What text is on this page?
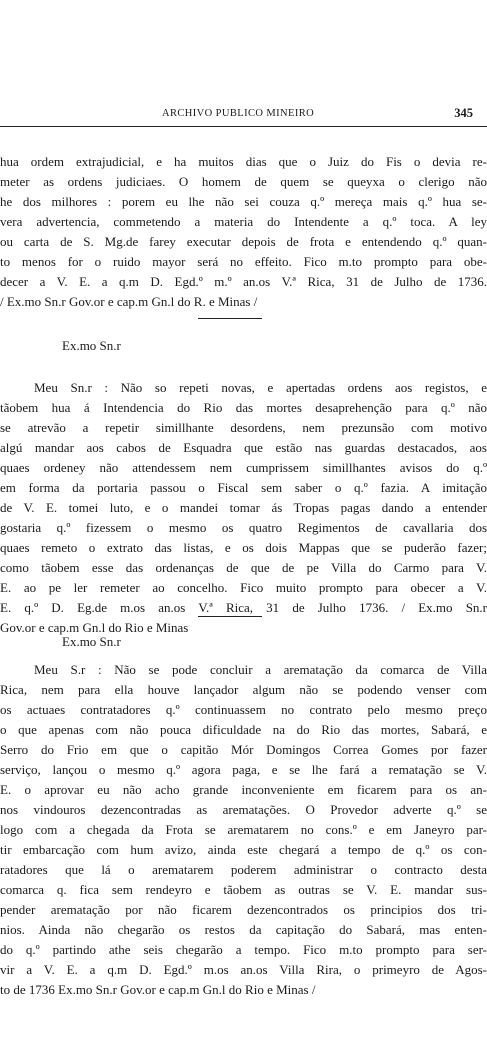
ARCHIVO PUBLICO MINEIRO	345
hua ordem extrajudicial, e ha muitos dias que o Juiz do Fis o devia re-
meter as ordens judiciaes. O homem de quem se queyxa o clerigo não
he dos milhores : porem eu lhe não sei couza q.º mereça mais q.º hua se-
vera advertencia, commetendo a materia do Intendente a q.º toca. A ley
ou carta de S. Mg.de farey executar depois de frota e entendendo q.º quan-
to menos for o ruido mayor será no effeito. Fico m.to prompto para obe-
decer a V. E. a q.m D. Egd.º m.º an.os V.ª Rica, 31 de Julho de 1736.
/ Ex.mo Sn.r Gov.or e cap.m Gn.l do R. e Minas /
Ex.mo Sn.r
Meu Sn.r : Não so repeti novas, e apertadas ordens aos registos, e
tãobem hua á Intendencia do Rio das mortes desaprehenção para q.º não
se atrevão a repetir simillhante desordens, nem prezunsão com motivo
algú mandar aos cabos de Esquadra que estão nas guardas destacados, aos
quaes ordeney não attendessem nem cumprissem simillhantes avisos do q.º
em forma da portaria passou o Fiscal sem saber o q.º fazia. A imitação
de V. E. tomei luto, e o mandei tomar ás Tropas pagas dando a entender
gostaria q.º fizessem o mesmo os quatro Regimentos de cavallaria dos
quaes remeto o extrato das listas, e os dois Mappas que se puderão fazer;
como tãobem esse das ordenanças de que de pe Villa do Carmo para V.
E. ao pe ler remeter ao concelho. Fico muito prompto para obecer a V.
E. q.º D. Eg.de m.os an.os V.ª Rica, 31 de Julho 1736. / Ex.mo Sn.r
Gov.or e cap.m Gn.l do Rio e Minas
Ex.mo Sn.r
Meu S.r : Não se pode concluir a arematação da comarca de Villa
Rica, nem para ella houve lançador algum não se podendo venser com
os actuaes contratadores q.º continuassem no contrato pelo mesmo preço
o que apenas com não pouca dificuldade na do Rio das mortes, Sabará, e
Serro do Frio em que o capitão Mór Domingos Correa Gomes por fazer
serviço, lançou o mesmo q.º agora paga, e se lhe fará a rematação se V.
E. o aprovar eu não acho grande inconveniente em ficarem para os an-
nos vindouros dezencontradas as arematações. O Provedor adverte q.º se
logo com a chegada da Frota se arematarem no cons.º e em Janeyro par-
tir embarcação com hum avizo, ainda este chegará a tempo de q.º os con-
ratadores que lá o arematarem poderem administrar o contracto desta
comarca q. fica sem rendeyro e tãobem as outras se V. E. mandar sus-
pender arematação por não ficarem dezencontrados os principios dos tri-
nios. Ainda não chegarão os restos da capitação do Sabará, mas enten-
do q.º partindo athe seis chegarão a tempo. Fico m.to prompto para ser-
vir a V. E. a q.m D. Egd.º m.os an.os Villa Rira, o primeyro de Agos-
to de 1736 Ex.mo Sn.r Gov.or e cap.m Gn.l do Rio e Minas /
